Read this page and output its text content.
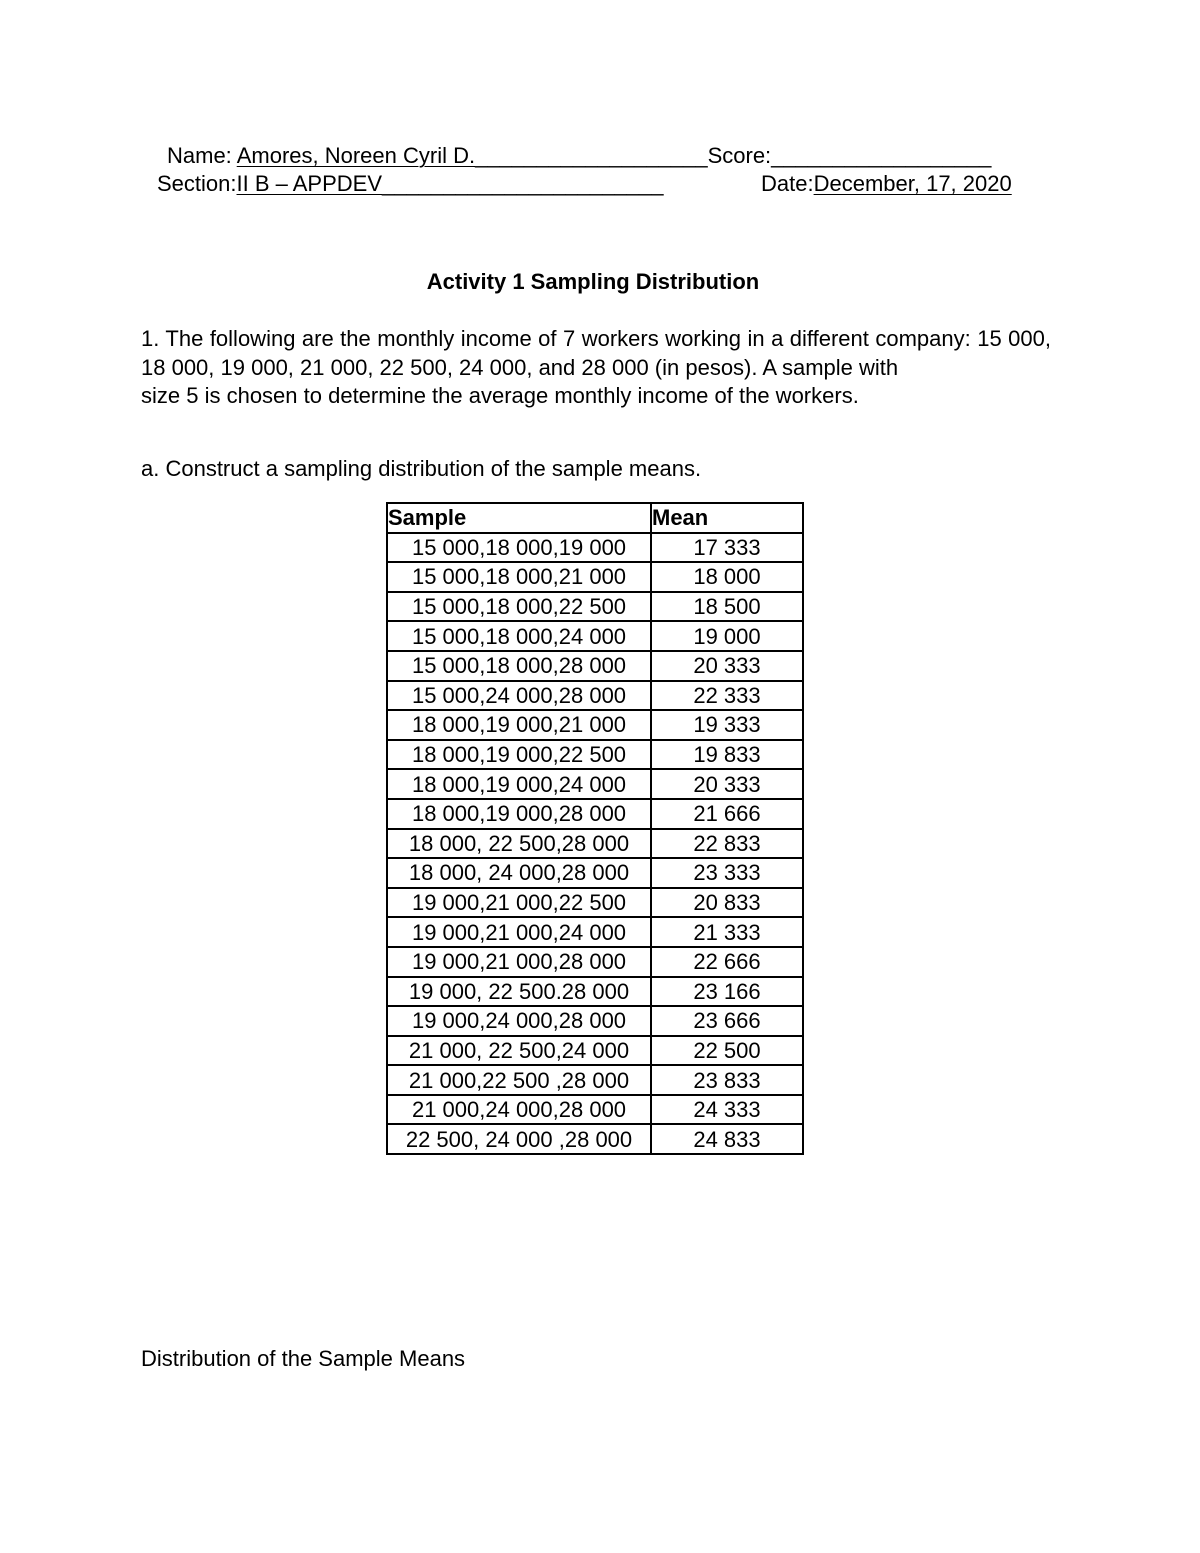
Name: Amores, Noreen Cyril D.___________________Score:__________________
Section:II B – APPDEV_______________________	Date:December, 17, 2020
Activity 1 Sampling Distribution
1. The following are the monthly income of 7 workers working in a different company: 15 000, 18 000, 19 000, 21 000, 22 500, 24 000, and 28 000 (in pesos). A sample with
size 5 is chosen to determine the average monthly income of the workers.
a. Construct a sampling distribution of the sample means.
Sample	Mean
15 000,18 000,19 000	17 333
15 000,18 000,21 000	18 000
15 000,18 000,22 500	18 500
15 000,18 000,24 000	19 000
15 000,18 000,28 000	20 333
15 000,24 000,28 000	22 333
18 000,19 000,21 000	19 333
18 000,19 000,22 500	19 833
18 000,19 000,24 000	20 333
18 000,19 000,28 000	21 666
18 000, 22 500,28 000	22 833
18 000, 24 000,28 000	23 333
19 000,21 000,22 500	20 833
19 000,21 000,24 000	21 333
19 000,21 000,28 000	22 666
19 000, 22 500.28 000	23 166
19 000,24 000,28 000	23 666
21 000, 22 500,24 000	22 500
21 000,22 500 ,28 000	23 833
21 000,24 000,28 000	24 333
22 500, 24 000 ,28 000	24 833
Distribution of the Sample Means
